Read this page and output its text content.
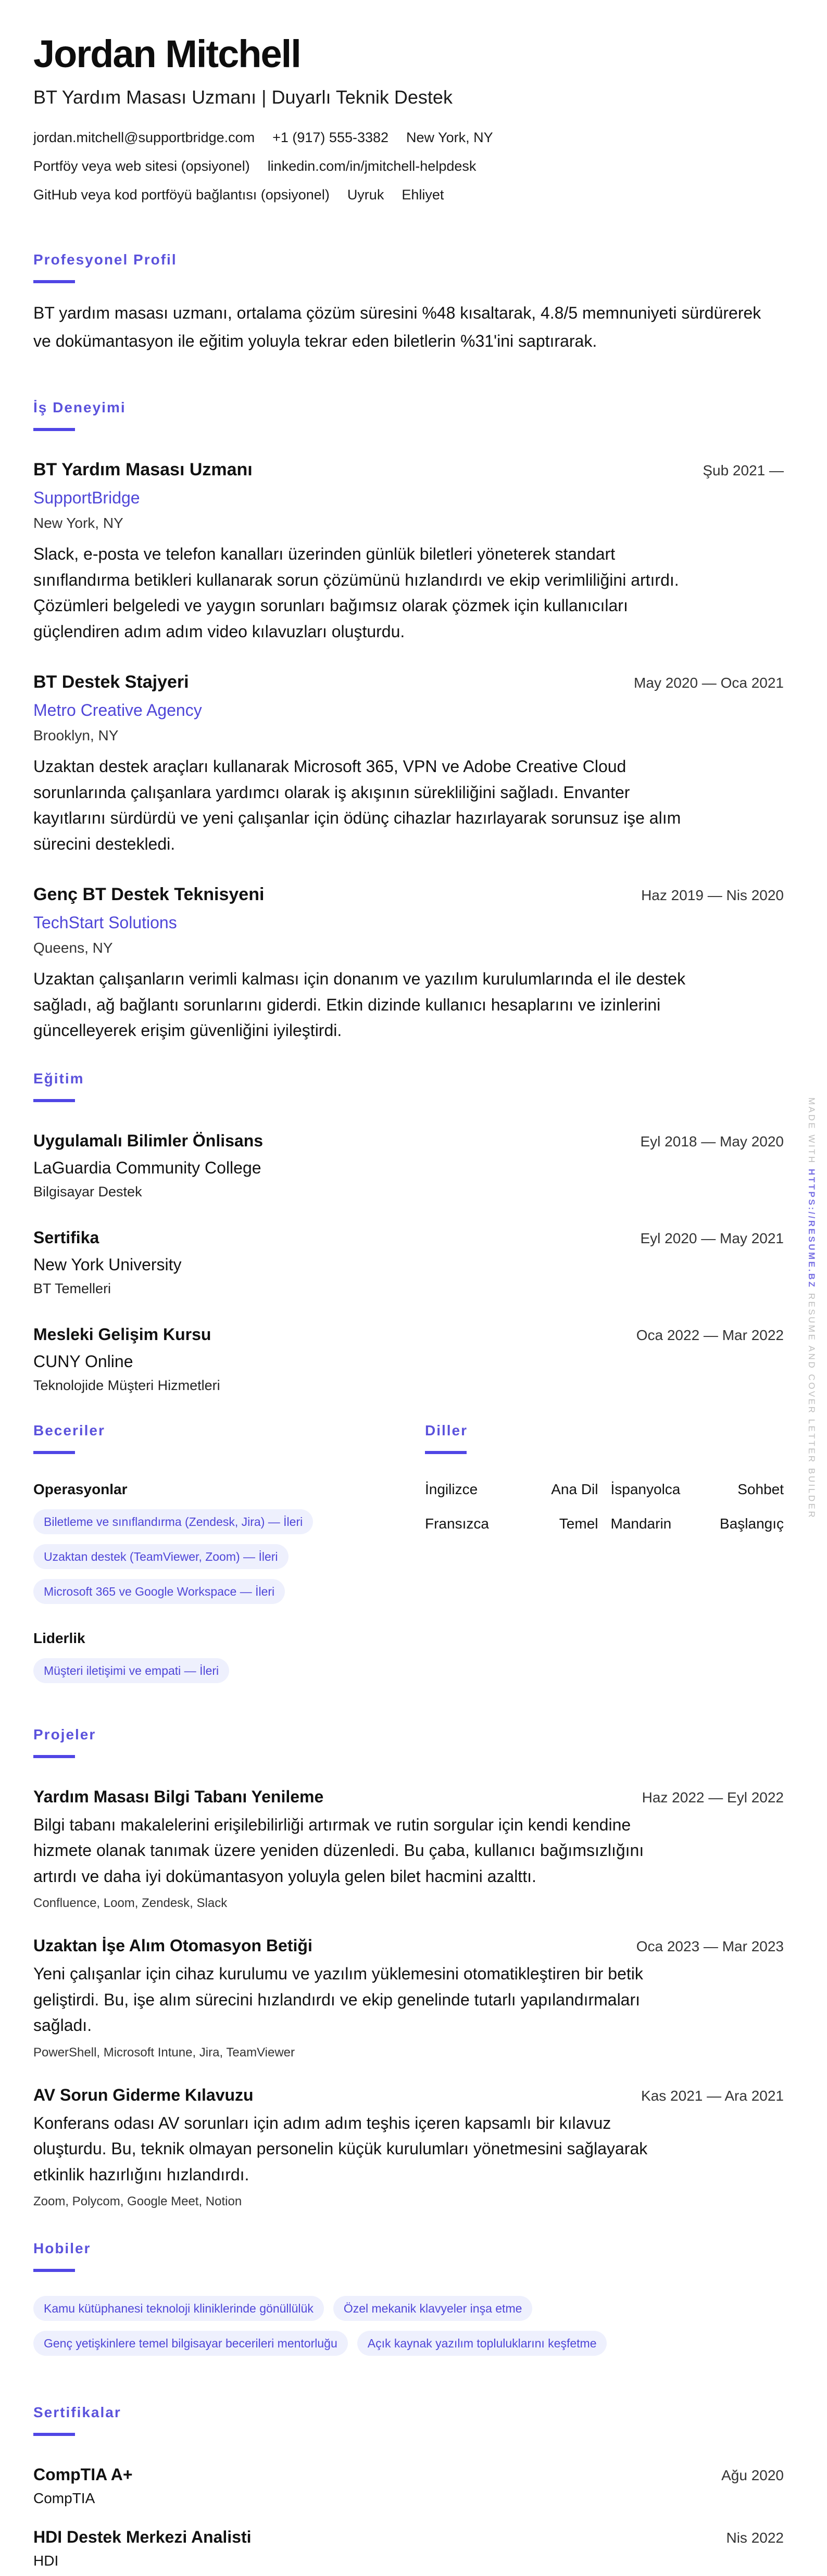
Jordan Mitchell
BT Yardım Masası Uzmanı | Duyarlı Teknik Destek
jordan.mitchell@supportbridge.com +1 (917) 555-3382 New York, NY
Portföy veya web sitesi (opsiyonel) linkedin.com/in/jmitchell-helpdesk
GitHub veya kod portföyü bağlantısı (opsiyonel) Uyruk Ehliyet
Profesyonel Profil

BT yardım masası uzmanı, ortalama çözüm süresini %48 kısaltarak, 4.8/5 memnuniyeti sürdürerek ve dokümantasyon ile eğitim yoluyla tekrar eden biletlerin %31'ini saptırarak.

İş Deneyimi
BT Yardım Masası Uzmanı	Şub 2021 —
SupportBridge
New York, NY

Slack, e-posta ve telefon kanalları üzerinden günlük biletleri yöneterek standart sınıflandırma betikleri kullanarak sorun çözümünü hızlandırdı ve ekip verimliliğini artırdı. Çözümleri belgeledi ve yaygın sorunları bağımsız olarak çözmek için kullanıcıları güçlendiren adım adım video kılavuzları oluşturdu.

BT Destek Stajyeri	May 2020 — Oca 2021
Metro Creative Agency
Brooklyn, NY

Uzaktan destek araçları kullanarak Microsoft 365, VPN ve Adobe Creative Cloud sorunlarında çalışanlara yardımcı olarak iş akışının sürekliliğini sağladı. Envanter kayıtlarını sürdürdü ve yeni çalışanlar için ödünç cihazlar hazırlayarak sorunsuz işe alım sürecini destekledi.

Genç BT Destek Teknisyeni	Haz 2019 — Nis 2020
TechStart Solutions
Queens, NY

Uzaktan çalışanların verimli kalması için donanım ve yazılım kurulumlarında el ile destek sağladı, ağ bağlantı sorunlarını giderdi. Etkin dizinde kullanıcı hesaplarını ve izinlerini güncelleyerek erişim güvenliğini iyileştirdi.

Eğitim
Uygulamalı Bilimler Önlisans	Eyl 2018 — May 2020
LaGuardia Community College
Bilgisayar Destek
Sertifika	Eyl 2020 — May 2021
New York University
BT Temelleri
Mesleki Gelişim Kursu	Oca 2022 — Mar 2022
CUNY Online
Teknolojide Müşteri Hizmetleri
Beceriler
Operasyonlar
Biletleme ve sınıflandırma (Zendesk, Jira) — İleri
Uzaktan destek (TeamViewer, Zoom) — İleri
Microsoft 365 ve Google Workspace — İleri
Liderlik
Müşteri iletişimi ve empati — İleri
Diller
İngilizce	Ana Dil İspanyolca	Sohbet
Fransızca	Temel Mandarin	Başlangıç
Projeler
Yardım Masası Bilgi Tabanı Yenileme	Haz 2022 — Eyl 2022

Bilgi tabanı makalelerini erişilebilirliği artırmak ve rutin sorgular için kendi kendine hizmete olanak tanımak üzere yeniden düzenledi. Bu çaba, kullanıcı bağımsızlığını artırdı ve daha iyi dokümantasyon yoluyla gelen bilet hacmini azalttı.

Confluence, Loom, Zendesk, Slack
Uzaktan İşe Alım Otomasyon Betiği	Oca 2023 — Mar 2023

Yeni çalışanlar için cihaz kurulumu ve yazılım yüklemesini otomatikleştiren bir betik geliştirdi. Bu, işe alım sürecini hızlandırdı ve ekip genelinde tutarlı yapılandırmaları sağladı.

PowerShell, Microsoft Intune, Jira, TeamViewer
AV Sorun Giderme Kılavuzu	Kas 2021 — Ara 2021

Konferans odası AV sorunları için adım adım teşhis içeren kapsamlı bir kılavuz oluşturdu. Bu, teknik olmayan personelin küçük kurulumları yönetmesini sağlayarak etkinlik hazırlığını hızlandırdı.

Zoom, Polycom, Google Meet, Notion
Hobiler
Kamu kütüphanesi teknoloji kliniklerinde gönüllülük	Özel mekanik klavyeler inşa etme
Genç yetişkinlere temel bilgisayar becerileri mentorluğu	Açık kaynak yazılım topluluklarını keşfetme
Sertifikalar
CompTIA A+	Ağu 2020
CompTIA
HDI Destek Merkezi Analisti	Nis 2022
HDI
MADE WITH HTTPS://RESUME.BZ RESUME AND COVER LETTER BUILDER
